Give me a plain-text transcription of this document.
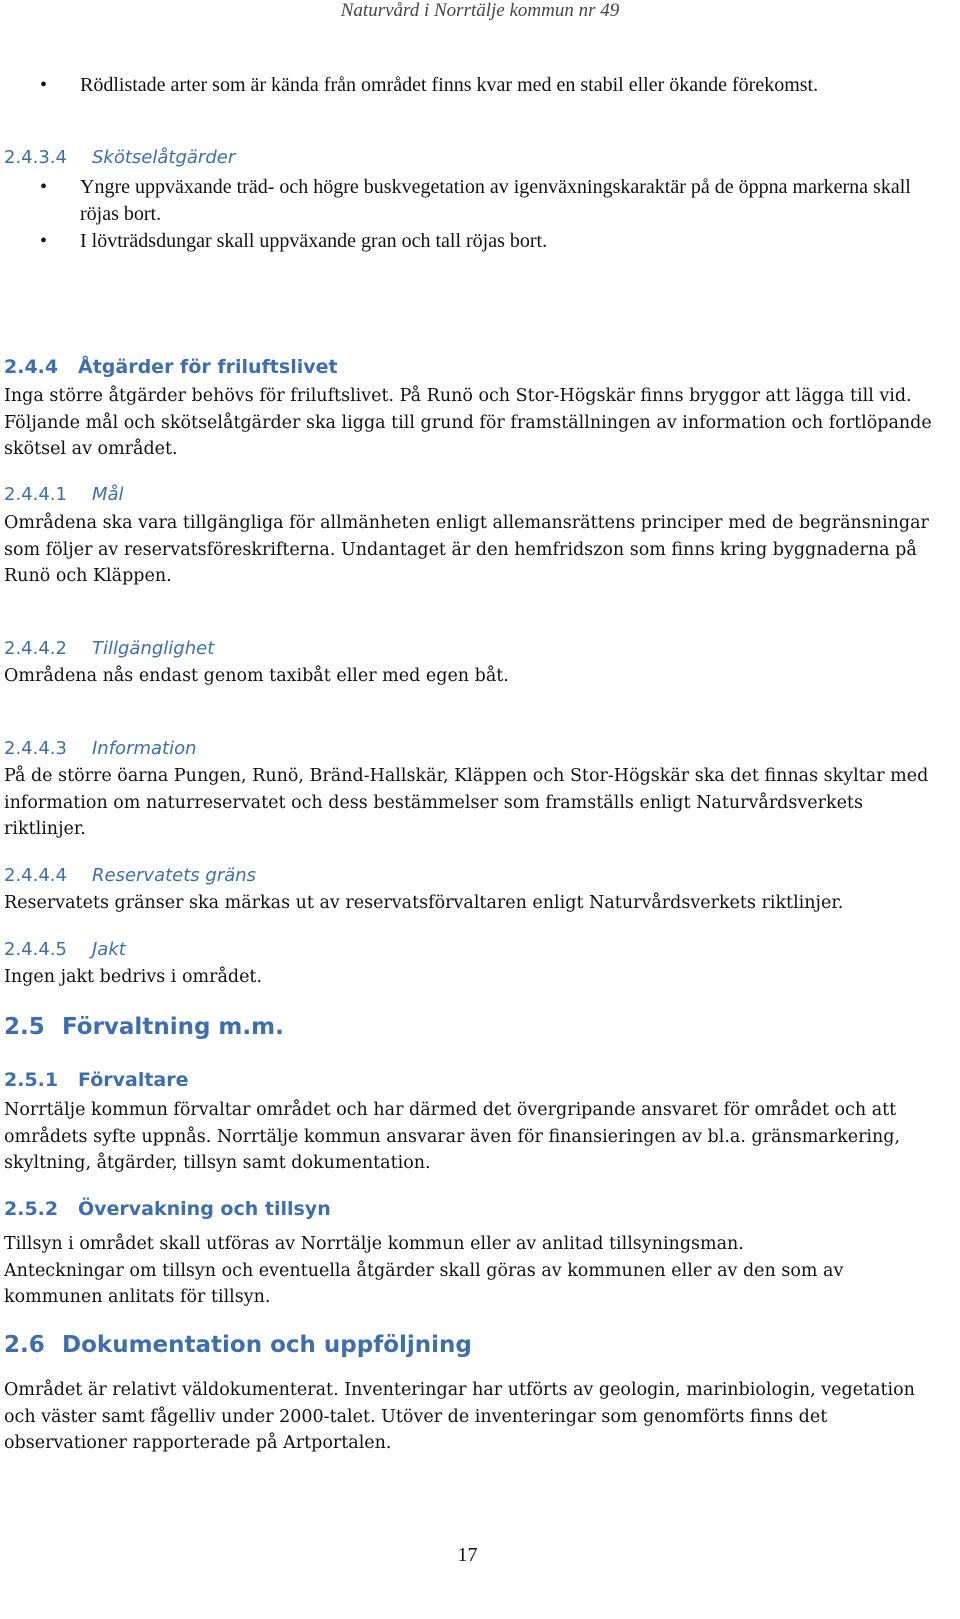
Naturvård i Norrtälje kommun nr 49
•	Rödlistade arter som är kända från området finns kvar med en stabil eller ökande förekomst.
2.4.3.4 Skötselåtgärder
•	Yngre uppväxande träd- och högre buskvegetation av igenväxningskaraktär på de öppna markerna skall röjas bort.
•	I lövträdsdungar skall uppväxande gran och tall röjas bort.
2.4.4 Åtgärder för friluftslivet
Inga större åtgärder behövs för friluftslivet. På Runö och Stor-Högskär finns bryggor att lägga till vid. Följande mål och skötselåtgärder ska ligga till grund för framställningen av information och fortlöpande skötsel av området.
2.4.4.1 Mål
Områdena ska vara tillgängliga för allmänheten enligt allemansrättens principer med de begränsningar som följer av reservatsföreskrifterna. Undantaget är den hemfridszon som finns kring byggnaderna på Runö och Kläppen.
2.4.4.2 Tillgänglighet
Områdena nås endast genom taxibåt eller med egen båt.
2.4.4.3 Information
På de större öarna Pungen, Runö, Bränd-Hallskär, Kläppen och Stor-Högskär ska det finnas skyltar med information om naturreservatet och dess bestämmelser som framställs enligt Naturvårdsverkets riktlinjer.
2.4.4.4 Reservatets gräns
Reservatets gränser ska märkas ut av reservatsförvaltaren enligt Naturvårdsverkets riktlinjer.
2.4.4.5 Jakt
Ingen jakt bedrivs i området.
2.5 Förvaltning m.m.
2.5.1 Förvaltare
Norrtälje kommun förvaltar området och har därmed det övergripande ansvaret för området och att områdets syfte uppnås. Norrtälje kommun ansvarar även för finansieringen av bl.a. gränsmarkering, skyltning, åtgärder, tillsyn samt dokumentation.
2.5.2 Övervakning och tillsyn
Tillsyn i området skall utföras av Norrtälje kommun eller av anlitad tillsyningsman.
Anteckningar om tillsyn och eventuella åtgärder skall göras av kommunen eller av den som av kommunen anlitats för tillsyn.
2.6 Dokumentation och uppföljning
Området är relativt väldokumenterat. Inventeringar har utförts av geologin, marinbiologin, vegetation och väster samt fågelliv under 2000-talet. Utöver de inventeringar som genomförts finns det observationer rapporterade på Artportalen.
17
